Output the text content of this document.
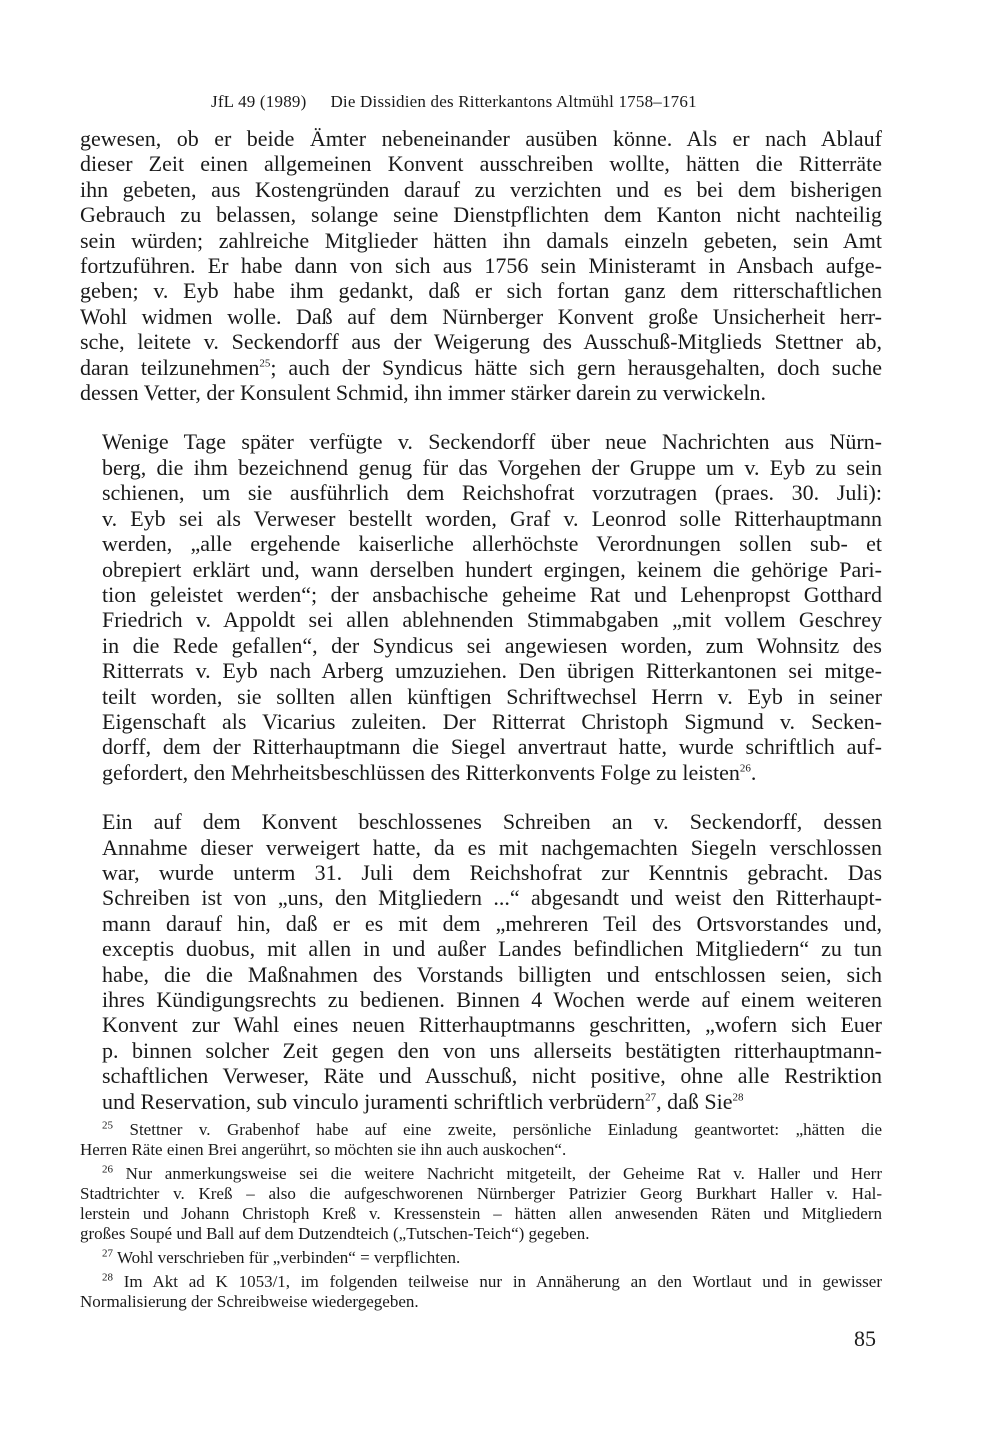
JfL 49 (1989) Die Dissidien des Ritterkantons Altmühl 1758–1761

gewesen, ob er beide Ämter nebeneinander ausüben könne. Als er nach Ablauf
dieser Zeit einen allgemeinen Konvent ausschreiben wollte, hätten die Ritterräte
ihn gebeten, aus Kostengründen darauf zu verzichten und es bei dem bisherigen
Gebrauch zu belassen, solange seine Dienstpflichten dem Kanton nicht nachteilig
sein würden; zahlreiche Mitglieder hätten ihn damals einzeln gebeten, sein Amt
fortzuführen. Er habe dann von sich aus 1756 sein Ministeramt in Ansbach aufge-
geben; v. Eyb habe ihm gedankt, daß er sich fortan ganz dem ritterschaftlichen
Wohl widmen wolle. Daß auf dem Nürnberger Konvent große Unsicherheit herr-
sche, leitete v. Seckendorff aus der Weigerung des Ausschuß-Mitglieds Stettner ab,
daran teilzunehmen$^{25}$; auch der Syndicus hätte sich gern herausgehalten, doch suche
dessen Vetter, der Konsulent Schmid, ihn immer stärker darein zu verwickeln.

Wenige Tage später verfügte v. Seckendorff über neue Nachrichten aus Nürn-
berg, die ihm bezeichnend genug für das Vorgehen der Gruppe um v. Eyb zu sein
schienen, um sie ausführlich dem Reichshofrat vorzutragen (praes. 30. Juli):
v. Eyb sei als Verweser bestellt worden, Graf v. Leonrod solle Ritterhauptmann
werden, „alle ergehende kaiserliche allerhöchste Verordnungen sollen sub- et
obrepiert erklärt und, wann derselben hundert ergingen, keinem die gehörige Pari-
tion geleistet werden“; der ansbachische geheime Rat und Lehenpropst Gotthard
Friedrich v. Appoldt sei allen ablehnenden Stimmabgaben „mit vollem Geschrey
in die Rede gefallen“, der Syndicus sei angewiesen worden, zum Wohnsitz des
Ritterrats v. Eyb nach Arberg umzuziehen. Den übrigen Ritterkantonen sei mitge-
teilt worden, sie sollten allen künftigen Schriftwechsel Herrn v. Eyb in seiner
Eigenschaft als Vicarius zuleiten. Der Ritterrat Christoph Sigmund v. Secken-
dorff, dem der Ritterhauptmann die Siegel anvertraut hatte, wurde schriftlich auf-
gefordert, den Mehrheitsbeschlüssen des Ritterkonvents Folge zu leisten$^{26}$.

Ein auf dem Konvent beschlossenes Schreiben an v. Seckendorff, dessen
Annahme dieser verweigert hatte, da es mit nachgemachten Siegeln verschlossen
war, wurde unterm 31. Juli dem Reichshofrat zur Kenntnis gebracht. Das
Schreiben ist von „uns, den Mitgliedern ...“ abgesandt und weist den Ritterhaupt-
mann darauf hin, daß er es mit dem „mehreren Teil des Ortsvorstandes und,
exceptis duobus, mit allen in und außer Landes befindlichen Mitgliedern“ zu tun
habe, die die Maßnahmen des Vorstands billigten und entschlossen seien, sich
ihres Kündigungsrechts zu bedienen. Binnen 4 Wochen werde auf einem weiteren
Konvent zur Wahl eines neuen Ritterhauptmanns geschritten, „wofern sich Euer
p. binnen solcher Zeit gegen den von uns allerseits bestätigten ritterhauptmann-
schaftlichen Verweser, Räte und Ausschuß, nicht positive, ohne alle Restriktion
und Reservation, sub vinculo juramenti schriftlich verbrüdern$^{27}$, daß Sie$^{28}$

$^{25}$ Stettner v. Grabenhof habe auf eine zweite, persönliche Einladung geantwortet: „hätten die
Herren Räte einen Brei angerührt, so möchten sie ihn auch auskochen“.
$^{26}$ Nur anmerkungsweise sei die weitere Nachricht mitgeteilt, der Geheime Rat v. Haller und Herr
Stadtrichter v. Kreß – also die aufgeschworenen Nürnberger Patrizier Georg Burkhart Haller v. Hal-
lerstein und Johann Christoph Kreß v. Kressenstein – hätten allen anwesenden Räten und Mitgliedern
großes Soupé und Ball auf dem Dutzendteich („Tutschen-Teich“) gegeben.
$^{27}$ Wohl verschrieben für „verbinden“ = verpflichten.
$^{28}$ Im Akt ad K 1053/1, im folgenden teilweise nur in Annäherung an den Wortlaut und in gewisser
Normalisierung der Schreibweise wiedergegeben.
85
